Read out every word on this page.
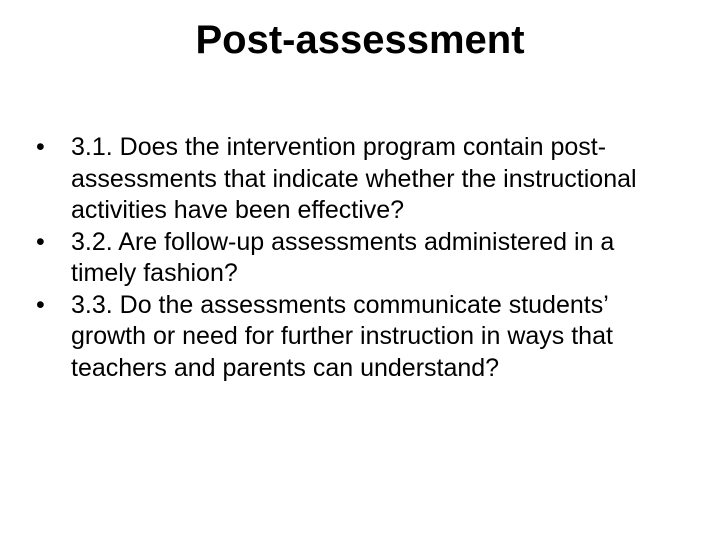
Post-assessment
•	3.1. Does the intervention program contain post-assessments that indicate whether the instructional activities have been effective?
•	3.2. Are follow-up assessments administered in a timely fashion?
•	3.3. Do the assessments communicate students’ growth or need for further instruction in ways that teachers and parents can understand?
